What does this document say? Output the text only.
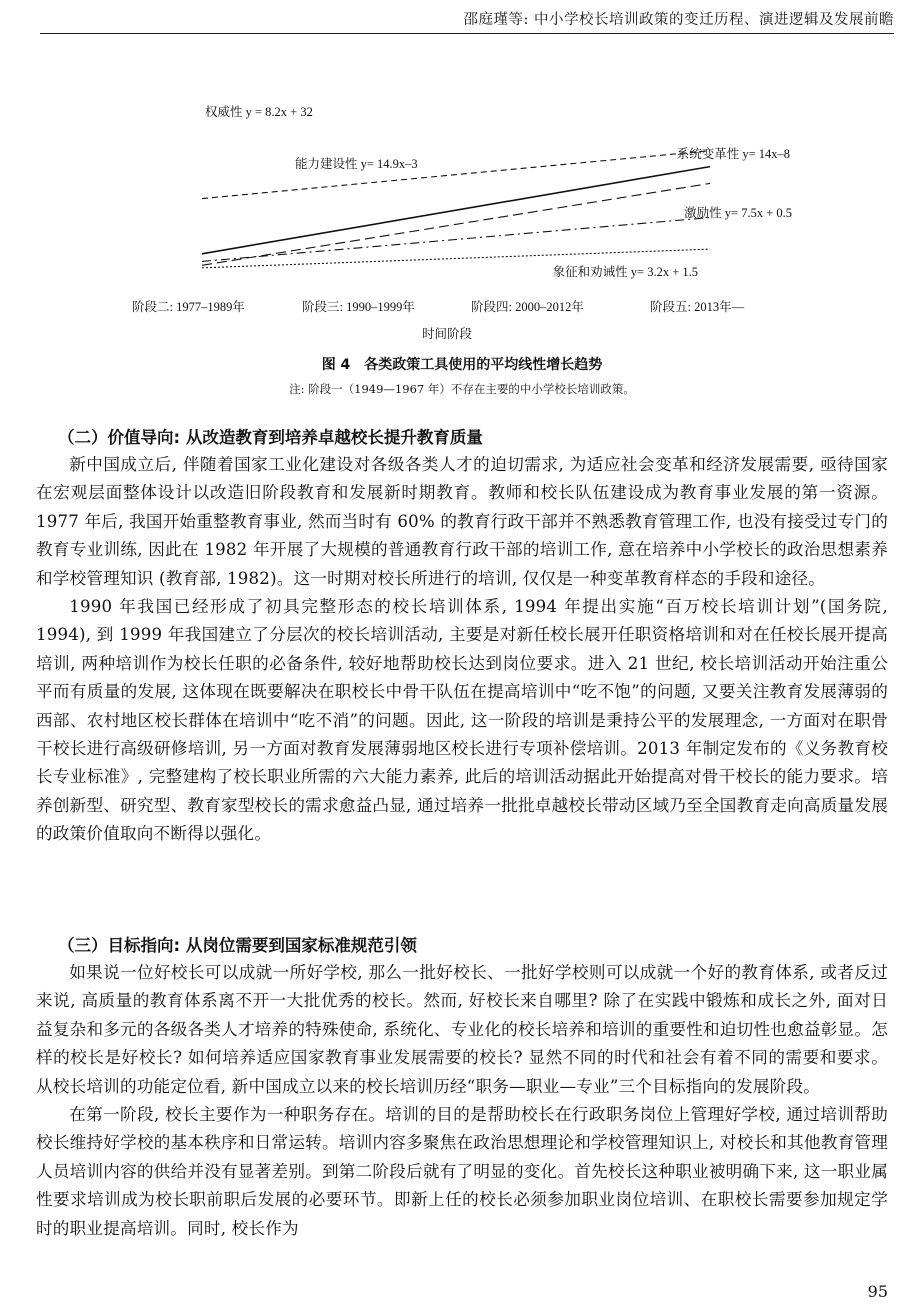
邵庭瑾等: 中小学校长培训政策的变迁历程、演进逻辑及发展前瞻
权威性 y = 8.2x + 32
能力建设性 y= 14.9x–3
系统变革性 y= 14x–8
激励性 y= 7.5x + 0.5
象征和劝诫性 y= 3.2x + 1.5
阶段二: 1977–1989年	阶段三: 1990–1999年	阶段四: 2000–2012年	阶段五: 2013年—
时间阶段
图 4　各类政策工具使用的平均线性增长趋势
注: 阶段一（1949—1967 年）不存在主要的中小学校长培训政策。
（二）价值导向: 从改造教育到培养卓越校长提升教育质量

新中国成立后, 伴随着国家工业化建设对各级各类人才的迫切需求, 为适应社会变革和经济发展需要, 亟待国家在宏观层面整体设计以改造旧阶段教育和发展新时期教育。教师和校长队伍建设成为教育事业发展的第一资源。1977 年后, 我国开始重整教育事业, 然而当时有 60% 的教育行政干部并不熟悉教育管理工作, 也没有接受过专门的教育专业训练, 因此在 1982 年开展了大规模的普通教育行政干部的培训工作, 意在培养中小学校长的政治思想素养和学校管理知识 (教育部, 1982)。这一时期对校长所进行的培训, 仅仅是一种变革教育样态的手段和途径。

1990 年我国已经形成了初具完整形态的校长培训体系, 1994 年提出实施“百万校长培训计划”(国务院, 1994), 到 1999 年我国建立了分层次的校长培训活动, 主要是对新任校长展开任职资格培训和对在任校长展开提高培训, 两种培训作为校长任职的必备条件, 较好地帮助校长达到岗位要求。进入 21 世纪, 校长培训活动开始注重公平而有质量的发展, 这体现在既要解决在职校长中骨干队伍在提高培训中“吃不饱”的问题, 又要关注教育发展薄弱的西部、农村地区校长群体在培训中“吃不消”的问题。因此, 这一阶段的培训是秉持公平的发展理念, 一方面对在职骨干校长进行高级研修培训, 另一方面对教育发展薄弱地区校长进行专项补偿培训。2013 年制定发布的《义务教育校长专业标准》, 完整建构了校长职业所需的六大能力素养, 此后的培训活动据此开始提高对骨干校长的能力要求。培养创新型、研究型、教育家型校长的需求愈益凸显, 通过培养一批批卓越校长带动区域乃至全国教育走向高质量发展的政策价值取向不断得以强化。

（三）目标指向: 从岗位需要到国家标准规范引领

如果说一位好校长可以成就一所好学校, 那么一批好校长、一批好学校则可以成就一个好的教育体系, 或者反过来说, 高质量的教育体系离不开一大批优秀的校长。然而, 好校长来自哪里? 除了在实践中锻炼和成长之外, 面对日益复杂和多元的各级各类人才培养的特殊使命, 系统化、专业化的校长培养和培训的重要性和迫切性也愈益彰显。怎样的校长是好校长? 如何培养适应国家教育事业发展需要的校长? 显然不同的时代和社会有着不同的需要和要求。从校长培训的功能定位看, 新中国成立以来的校长培训历经“职务—职业—专业”三个目标指向的发展阶段。

在第一阶段, 校长主要作为一种职务存在。培训的目的是帮助校长在行政职务岗位上管理好学校, 通过培训帮助校长维持好学校的基本秩序和日常运转。培训内容多聚焦在政治思想理论和学校管理知识上, 对校长和其他教育管理人员培训内容的供给并没有显著差别。到第二阶段后就有了明显的变化。首先校长这种职业被明确下来, 这一职业属性要求培训成为校长职前职后发展的必要环节。即新上任的校长必须参加职业岗位培训、在职校长需要参加规定学时的职业提高培训。同时, 校长作为

95
